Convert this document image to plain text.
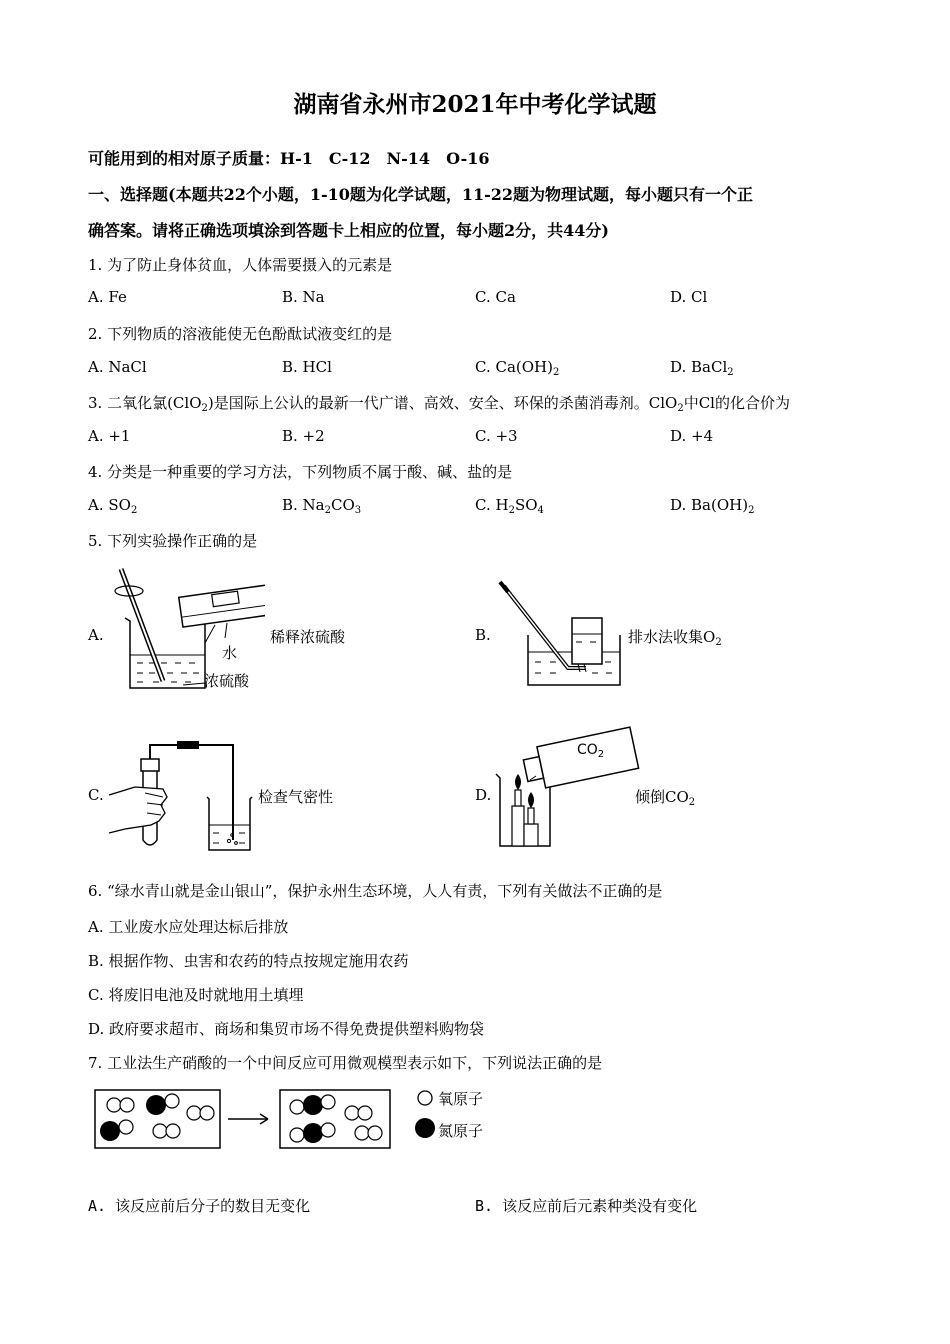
湖南省永州市2021年中考化学试题
可能用到的相对原子质量：H-1　C-12　N-14　O-16
一、选择题(本题共22个小题，1-10题为化学试题，11-22题为物理试题，每小题只有一个正
确答案。请将正确选项填涂到答题卡上相应的位置，每小题2分，共44分)
1. 为了防止身体贫血，人体需要摄入的元素是
A. Fe	B. Na	C. Ca	D. Cl
2. 下列物质的溶液能使无色酚酞试液变红的是
A. NaCl	B. HCl	C. $Ca(OH)_2$	D. BaCl$_2$
3. 二氧化氯(ClO$_2$)是国际上公认的最新一代广谱、高效、安全、环保的杀菌消毒剂。ClO$_2$中Cl的化合价为
A. +1	B. +2	C. +3	D. +4
4. 分类是一种重要的学习方法，下列物质不属于酸、碱、盐的是
A. $SO_2$	B. $Na_2CO_3$	C. $H_2SO_4$	D. $Ba(OH)_2$
5. 下列实验操作正确的是
A.
水
浓硫酸
稀释浓硫酸	B.	排水法收集$O_2$
C.	检查气密性	D.
$CO_2$
倾倒$CO_2$
6. “绿水青山就是金山银山”，保护永州生态环境，人人有责，下列有关做法不正确的是
A. 工业废水应处理达标后排放
B. 根据作物、虫害和农药的特点按规定施用农药
C. 将废旧电池及时就地用土填埋
D. 政府要求超市、商场和集贸市场不得免费提供塑料购物袋
7. 工业法生产硝酸的一个中间反应可用微观模型表示如下，下列说法正确的是
氧原子
氮原子
A. 该反应前后分子的数目无变化	B. 该反应前后元素种类没有变化
